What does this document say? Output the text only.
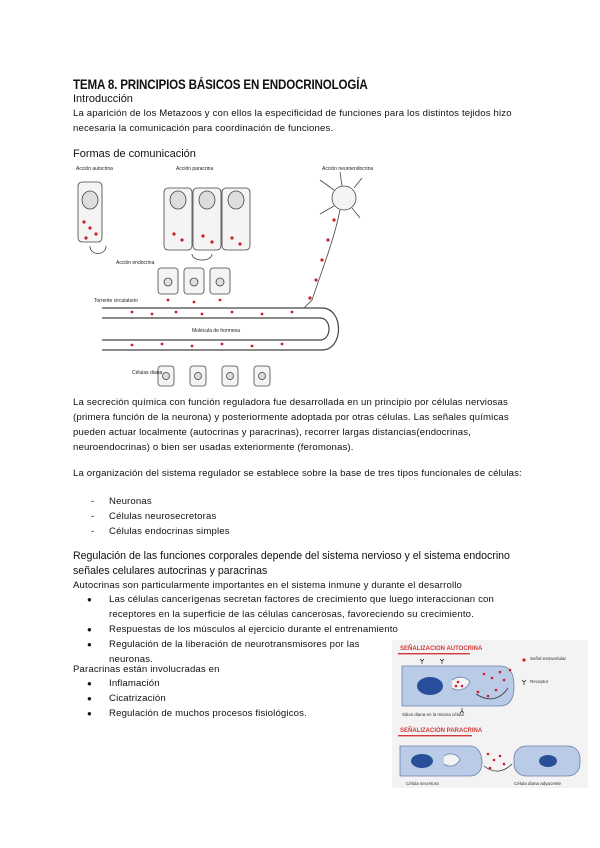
TEMA 8. PRINCIPIOS BÁSICOS EN ENDOCRINOLOGÍA
Introducción
La aparición de los Metazoos y con ellos la especificidad de funciones para los distintos tejidos hizo necesaria la comunicación para coordinación de funciones.
Formas de comunicación
Acción autocrina	Acción paracrina	Acción neuroendocrina
Acción endocrina
Torrente circulatorio
Molécula de hormona
Células diana
La secreción química con función reguladora fue desarrollada en un principio por células nerviosas (primera función de la neurona) y posteriormente adoptada por otras células. Las señales químicas pueden actuar localmente (autocrinas y paracrinas), recorrer largas distancias(endocrinas, neuroendocrinas) o bien ser usadas exteriormente (feromonas).
La organización del sistema regulador se establece sobre la base de tres tipos funcionales de células:
- Neuronas
- Células neurosecretoras
- Células endocrinas simples
Regulación de las funciones corporales depende del sistema nervioso y el sistema endocrino señales celulares autocrinas y paracrinas
Autocrinas son particularmente importantes en el sistema inmune y durante el desarrollo
● Las células cancerígenas secretan factores de crecimiento que luego interaccionan con receptores en la superficie de las células cancerosas, favoreciendo su crecimiento.
● Respuestas de los músculos al ejercicio durante el entrenamiento
● Regulación de la liberación de neurotransmisores por las neuronas.
Paracrinas están involucradas en
● Inflamación
● Cicatrización
● Regulación de muchos procesos fisiológicos.
SEÑALIZACION AUTOCRINA
Señal extracelular
Receptor
Sitios diana en la misma célula
SEÑALIZACIÓN PARACRINA
Célula secretora	Célula diana adyacente
